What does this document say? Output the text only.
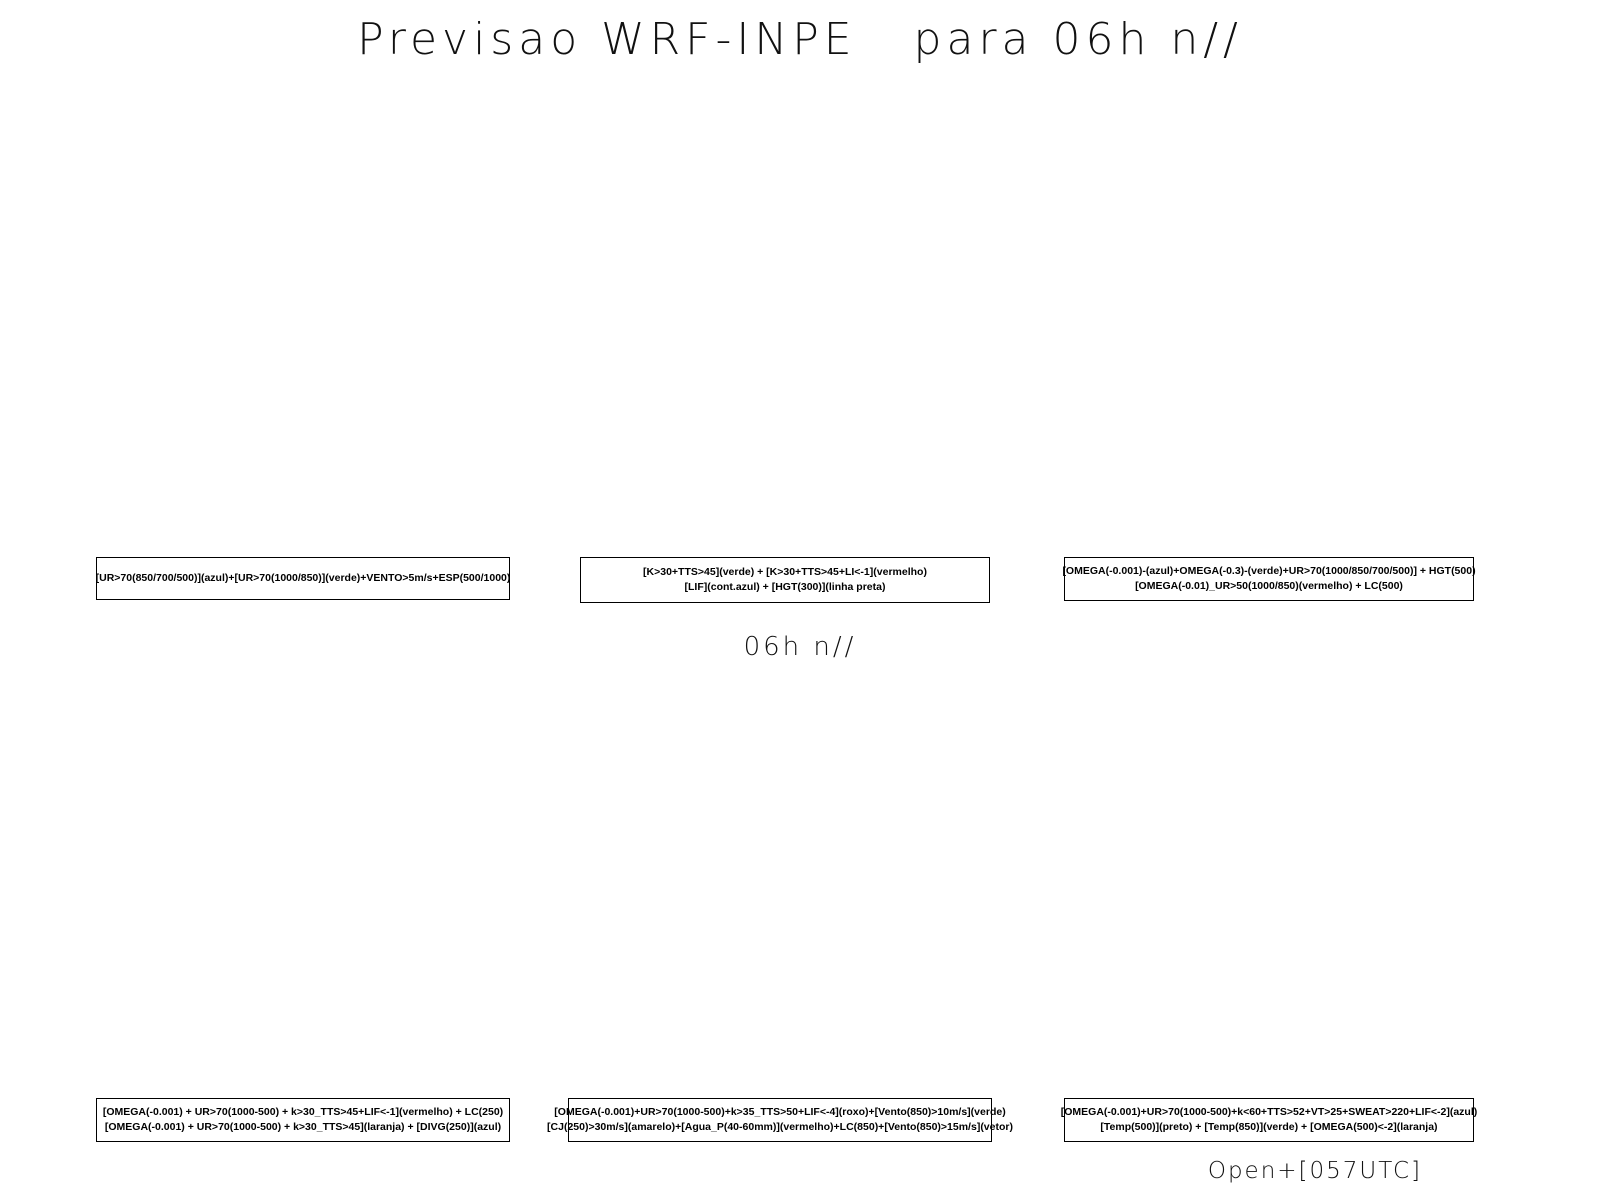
Previsao WRF-INPE   para 06h n//
[UR>70(850/700/500)](azul)+[UR>70(1000/850)](verde)+VENTO>5m/s+ESP(500/1000)	[K>30+TTS>45](verde) + [K>30+TTS>45+LI<-1](vermelho)
[LIF](cont.azul) + [HGT(300)](linha preta)
[OMEGA(-0.001)-(azul)+OMEGA(-0.3)-(verde)+UR>70(1000/850/700/500)] + HGT(500)
[OMEGA(-0.01)_UR>50(1000/850)(vermelho) + LC(500)
06h n//
[OMEGA(-0.001) + UR>70(1000-500) + k>30_TTS>45+LIF<-1](vermelho) + LC(250)
[OMEGA(-0.001) + UR>70(1000-500) + k>30_TTS>45](laranja) + [DIVG(250)](azul)
[OMEGA(-0.001)+UR>70(1000-500)+k>35_TTS>50+LIF<-4](roxo)+[Vento(850)>10m/s](verde)
[CJ(250)>30m/s](amarelo)+[Agua_P(40-60mm)](vermelho)+LC(850)+[Vento(850)>15m/s](vetor)
[OMEGA(-0.001)+UR>70(1000-500)+k<60+TTS>52+VT>25+SWEAT>220+LIF<-2](azul)
[Temp(500)](preto) + [Temp(850)](verde) + [OMEGA(500)<-2](laranja)
Open+[057UTC]
